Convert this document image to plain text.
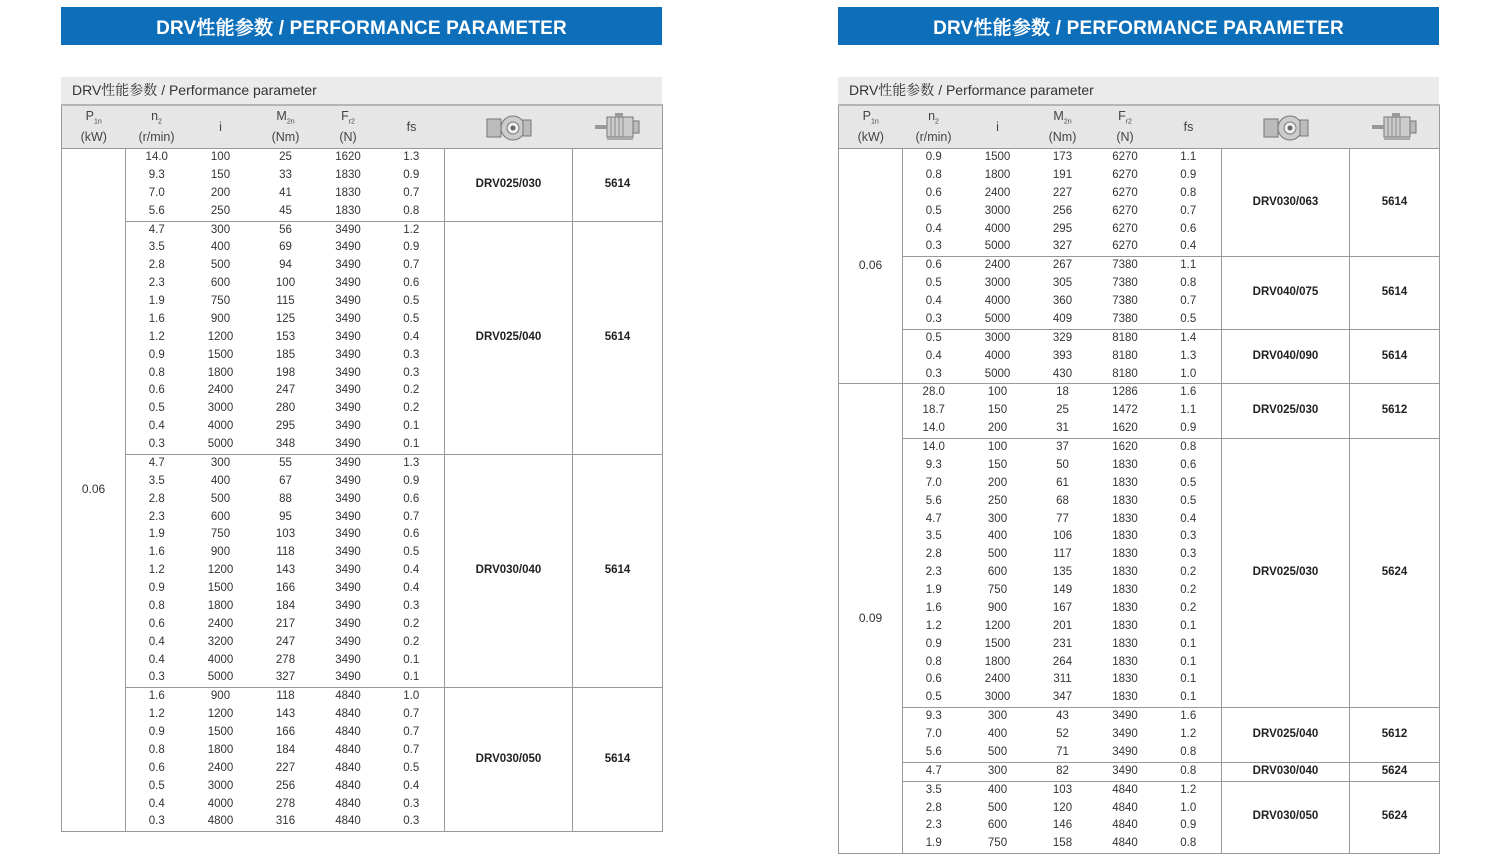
DRV性能参数 / PERFORMANCE PARAMETER
DRV性能参数 / Performance parameter
$P_{1n}$
(kW)	$n_2$
(r/min)	i	$M_{2n}$
(Nm)	$F_{r2}$
(N)	fs		
0.06	14.0	100	25	1620	1.3	DRV025/030	5614
	9.3	150	33	1830	0.9		
	7.0	200	41	1830	0.7		
	5.6	250	45	1830	0.8		
	4.7	300	56	3490	1.2	DRV025/040	5614
	3.5	400	69	3490	0.9		
	2.8	500	94	3490	0.7		
	2.3	600	100	3490	0.6		
	1.9	750	115	3490	0.5		
	1.6	900	125	3490	0.5		
	1.2	1200	153	3490	0.4		
	0.9	1500	185	3490	0.3		
	0.8	1800	198	3490	0.3		
	0.6	2400	247	3490	0.2		
	0.5	3000	280	3490	0.2		
	0.4	4000	295	3490	0.1		
	0.3	5000	348	3490	0.1		
	4.7	300	55	3490	1.3	DRV030/040	5614
	3.5	400	67	3490	0.9		
	2.8	500	88	3490	0.6		
	2.3	600	95	3490	0.7		
	1.9	750	103	3490	0.6		
	1.6	900	118	3490	0.5		
	1.2	1200	143	3490	0.4		
	0.9	1500	166	3490	0.4		
	0.8	1800	184	3490	0.3		
	0.6	2400	217	3490	0.2		
	0.4	3200	247	3490	0.2		
	0.4	4000	278	3490	0.1		
	0.3	5000	327	3490	0.1		
	1.6	900	118	4840	1.0	DRV030/050	5614
	1.2	1200	143	4840	0.7		
	0.9	1500	166	4840	0.7		
	0.8	1800	184	4840	0.7		
	0.6	2400	227	4840	0.5		
	0.5	3000	256	4840	0.4		
	0.4	4000	278	4840	0.3		
	0.3	4800	316	4840	0.3		
DRV性能参数 / PERFORMANCE PARAMETER
DRV性能参数 / Performance parameter
$P_{1n}$
(kW)	$n_2$
(r/min)	i	$M_{2n}$
(Nm)	$F_{r2}$
(N)	fs		
0.06	0.9	1500	173	6270	1.1	DRV030/063	5614
	0.8	1800	191	6270	0.9		
	0.6	2400	227	6270	0.8		
	0.5	3000	256	6270	0.7		
	0.4	4000	295	6270	0.6		
	0.3	5000	327	6270	0.4		
	0.6	2400	267	7380	1.1	DRV040/075	5614
	0.5	3000	305	7380	0.8		
	0.4	4000	360	7380	0.7		
	0.3	5000	409	7380	0.5		
	0.5	3000	329	8180	1.4	DRV040/090	5614
	0.4	4000	393	8180	1.3		
	0.3	5000	430	8180	1.0		
0.09	28.0	100	18	1286	1.6	DRV025/030	5612
	18.7	150	25	1472	1.1		
	14.0	200	31	1620	0.9		
	14.0	100	37	1620	0.8	DRV025/030	5624
	9.3	150	50	1830	0.6		
	7.0	200	61	1830	0.5		
	5.6	250	68	1830	0.5		
	4.7	300	77	1830	0.4		
	3.5	400	106	1830	0.3		
	2.8	500	117	1830	0.3		
	2.3	600	135	1830	0.2		
	1.9	750	149	1830	0.2		
	1.6	900	167	1830	0.2		
	1.2	1200	201	1830	0.1		
	0.9	1500	231	1830	0.1		
	0.8	1800	264	1830	0.1		
	0.6	2400	311	1830	0.1		
	0.5	3000	347	1830	0.1		
	9.3	300	43	3490	1.6	DRV025/040	5612
	7.0	400	52	3490	1.2		
	5.6	500	71	3490	0.8		
	4.7	300	82	3490	0.8	DRV030/040	5624
	3.5	400	103	4840	1.2	DRV030/050	5624
	2.8	500	120	4840	1.0		
	2.3	600	146	4840	0.9		
	1.9	750	158	4840	0.8		
